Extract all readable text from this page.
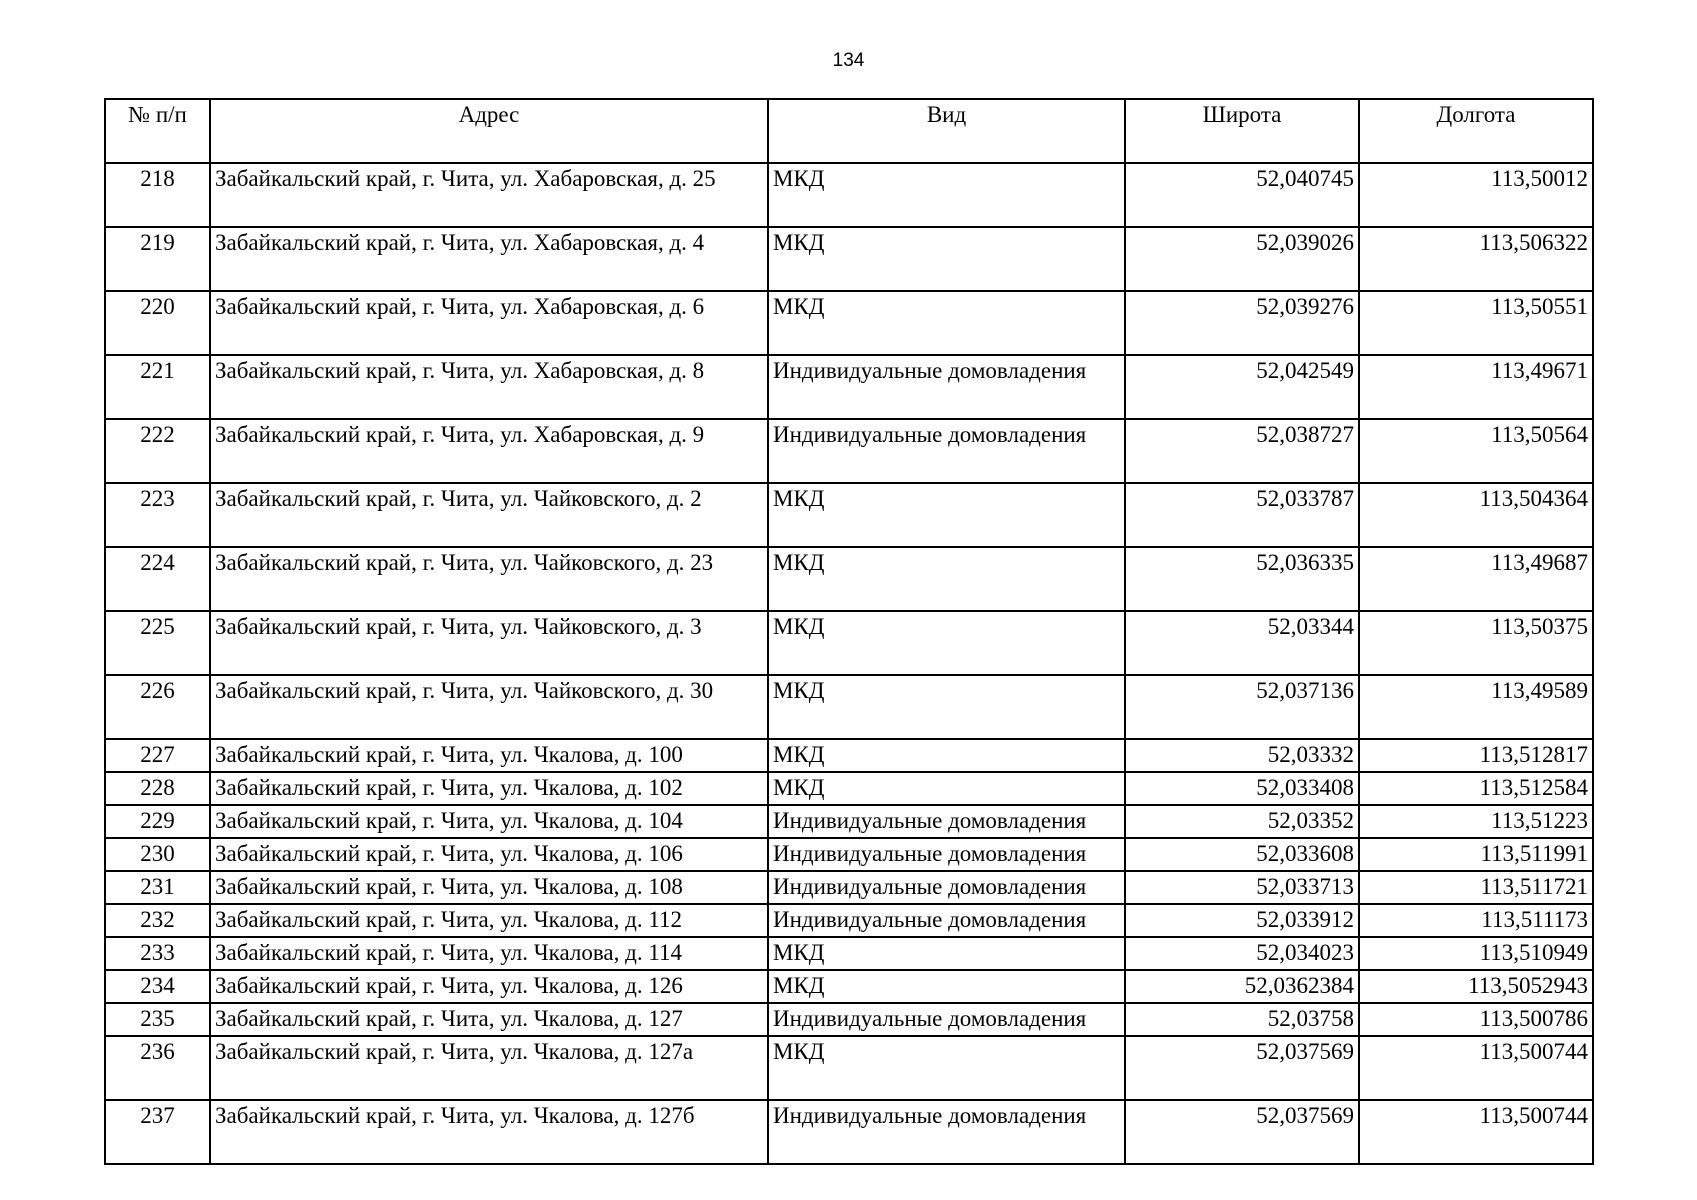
134
№ п/п	Адрес	Вид	Широта	Долгота
218	Забайкальский край, г. Чита, ул. Хабаровская, д. 25	МКД	52,040745	113,50012
219	Забайкальский край, г. Чита, ул. Хабаровская, д. 4	МКД	52,039026	113,506322
220	Забайкальский край, г. Чита, ул. Хабаровская, д. 6	МКД	52,039276	113,50551
221	Забайкальский край, г. Чита, ул. Хабаровская, д. 8	Индивидуальные домовладения	52,042549	113,49671
222	Забайкальский край, г. Чита, ул. Хабаровская, д. 9	Индивидуальные домовладения	52,038727	113,50564
223	Забайкальский край, г. Чита, ул. Чайковского, д. 2	МКД	52,033787	113,504364
224	Забайкальский край, г. Чита, ул. Чайковского, д. 23	МКД	52,036335	113,49687
225	Забайкальский край, г. Чита, ул. Чайковского, д. 3	МКД	52,03344	113,50375
226	Забайкальский край, г. Чита, ул. Чайковского, д. 30	МКД	52,037136	113,49589
227	Забайкальский край, г. Чита, ул. Чкалова, д. 100	МКД	52,03332	113,512817
228	Забайкальский край, г. Чита, ул. Чкалова, д. 102	МКД	52,033408	113,512584
229	Забайкальский край, г. Чита, ул. Чкалова, д. 104	Индивидуальные домовладения	52,03352	113,51223
230	Забайкальский край, г. Чита, ул. Чкалова, д. 106	Индивидуальные домовладения	52,033608	113,511991
231	Забайкальский край, г. Чита, ул. Чкалова, д. 108	Индивидуальные домовладения	52,033713	113,511721
232	Забайкальский край, г. Чита, ул. Чкалова, д. 112	Индивидуальные домовладения	52,033912	113,511173
233	Забайкальский край, г. Чита, ул. Чкалова, д. 114	МКД	52,034023	113,510949
234	Забайкальский край, г. Чита, ул. Чкалова, д. 126	МКД	52,0362384	113,5052943
235	Забайкальский край, г. Чита, ул. Чкалова, д. 127	Индивидуальные домовладения	52,03758	113,500786
236	Забайкальский край, г. Чита, ул. Чкалова, д. 127а	МКД	52,037569	113,500744
237	Забайкальский край, г. Чита, ул. Чкалова, д. 127б	Индивидуальные домовладения	52,037569	113,500744
